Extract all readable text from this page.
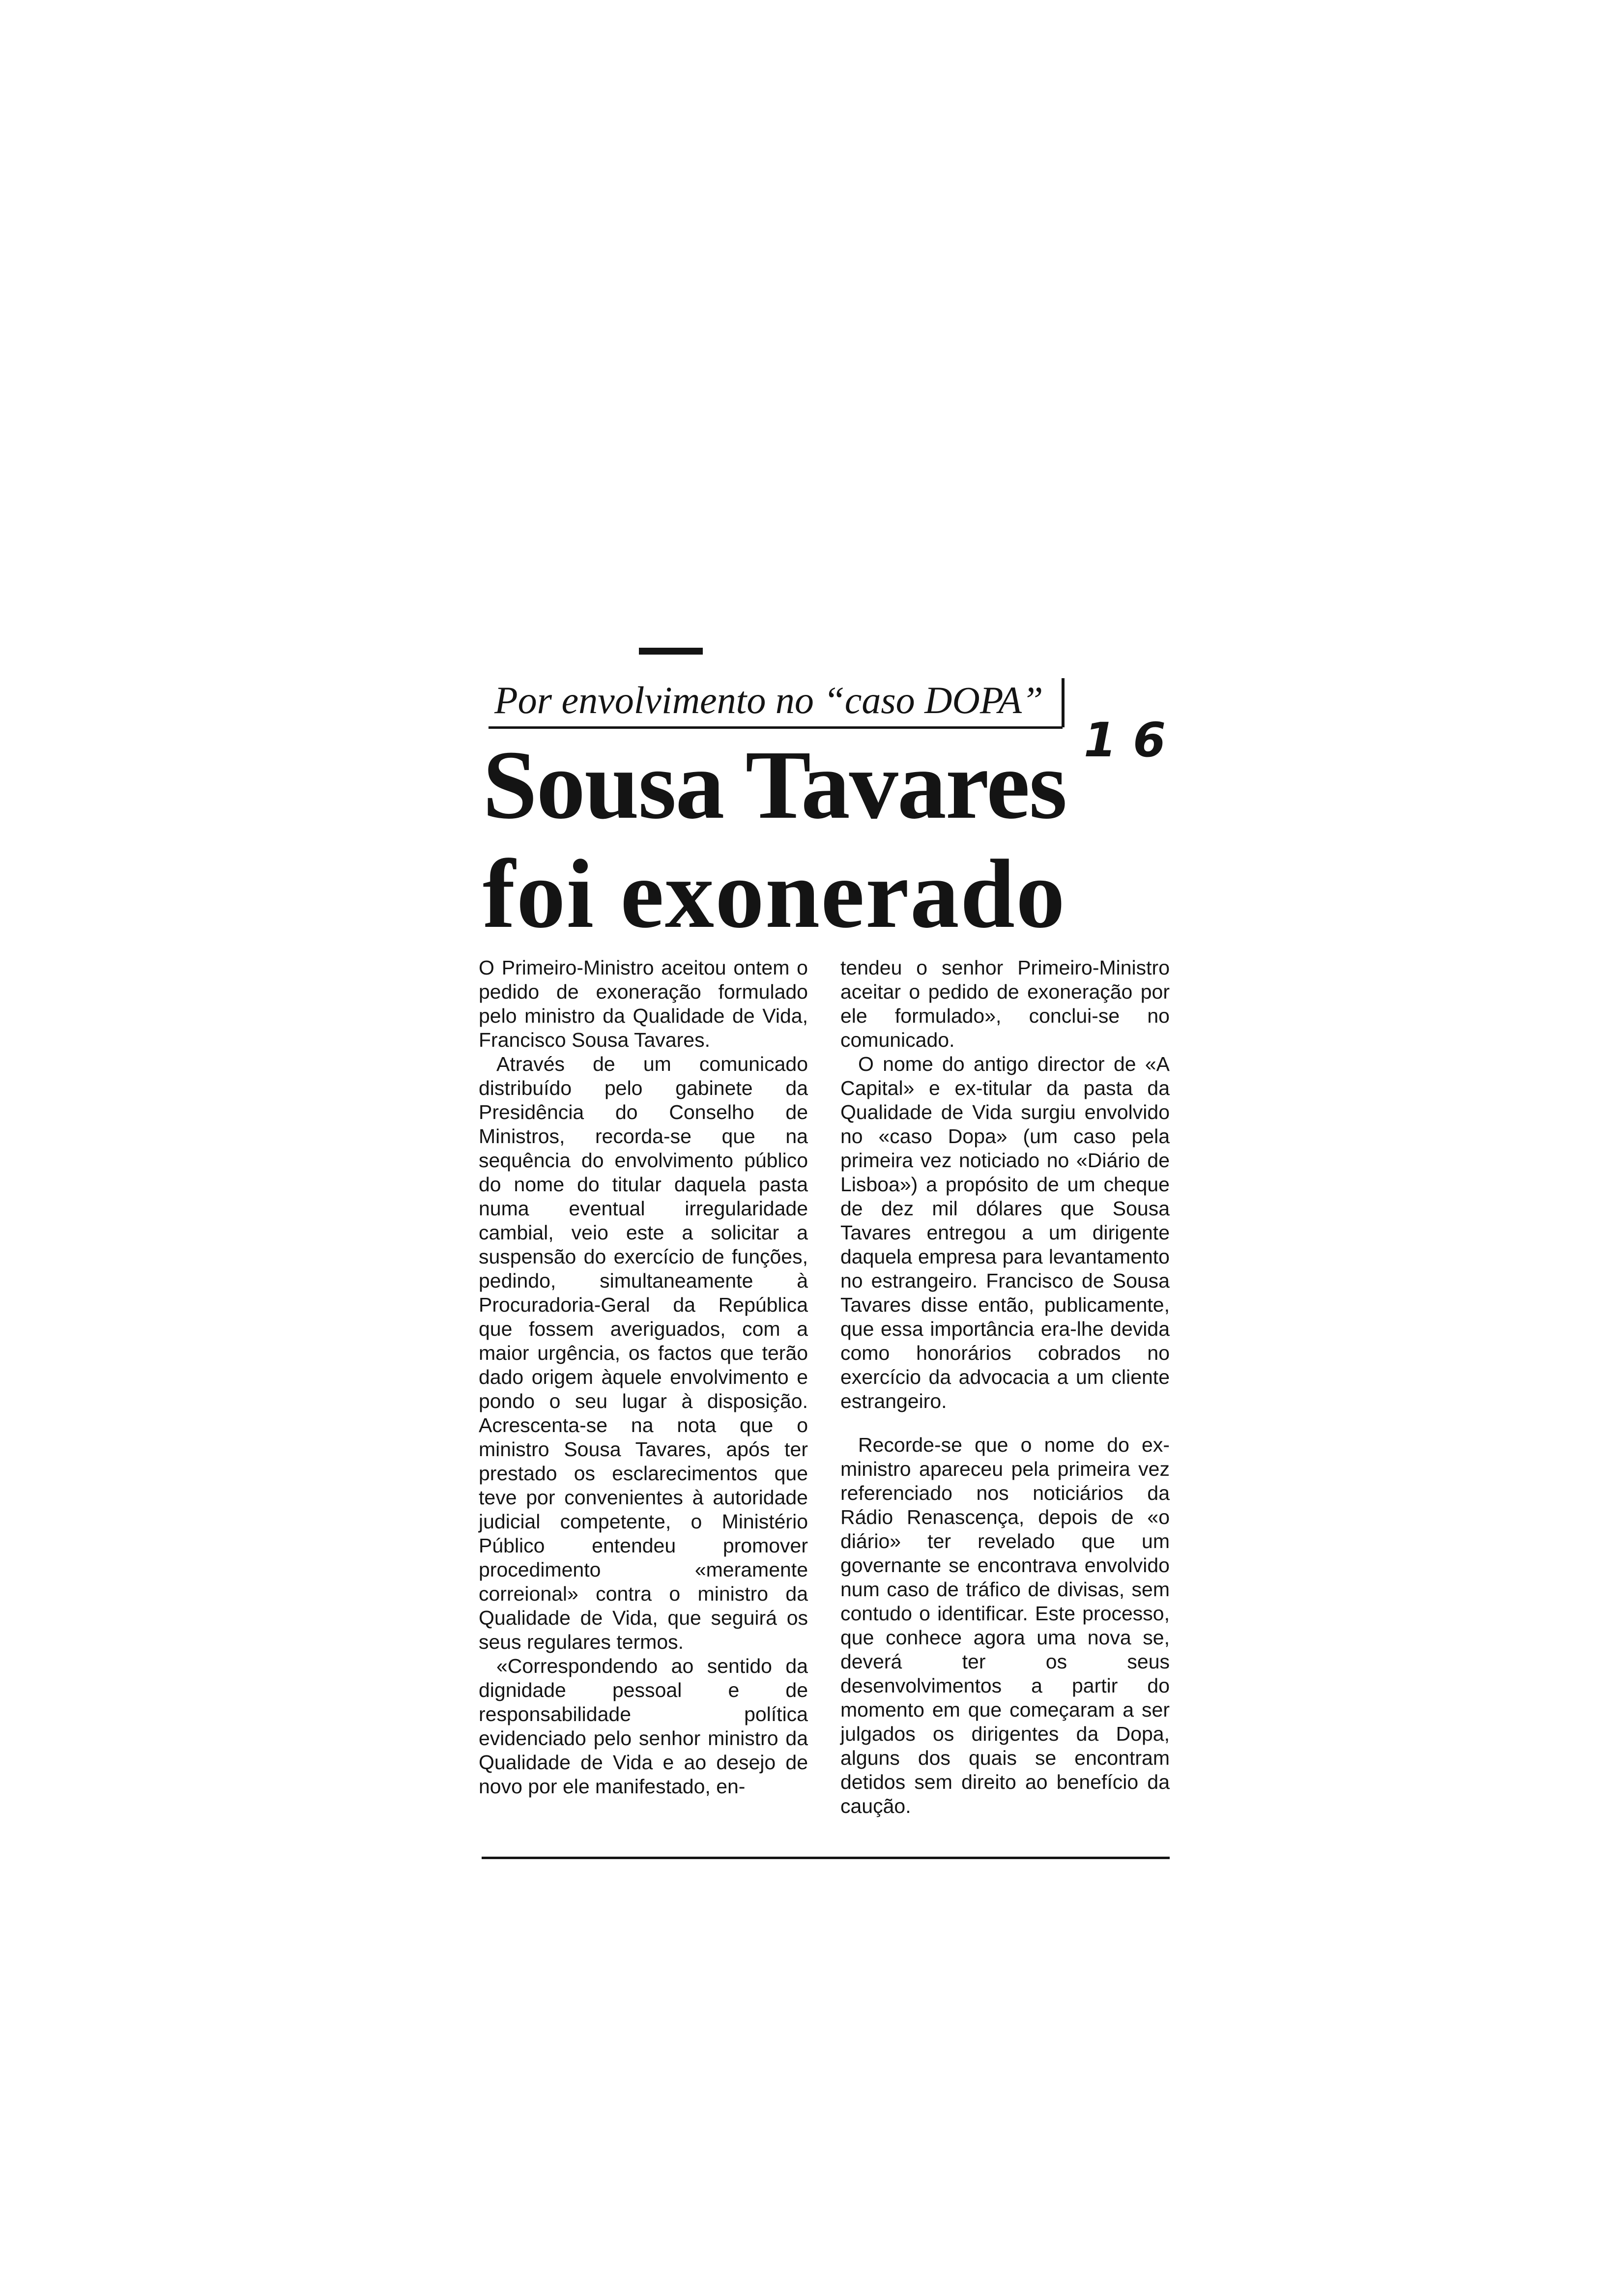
Por envolvimento no “caso DOPA”
Sousa Tavares
foi exonerado
1 6

O Primeiro-Ministro aceitou ontem o pedido de exoneração formulado pelo ministro da Qualidade de Vida, Francisco Sousa Tavares.

Através de um comunicado distribuído pelo gabinete da Presidência do Conselho de Ministros, recorda-se que na sequência do envolvimento público do nome do titular daquela pasta numa eventual irregularidade cambial, veio este a solicitar a suspensão do exercício de funções, pedindo, simultaneamente à Procuradoria-Geral da República que fossem averiguados, com a maior urgência, os factos que terão dado origem àquele envolvimento e pondo o seu lugar à disposição. Acrescenta-se na nota que o ministro Sousa Tavares, após ter prestado os esclarecimentos que teve por convenientes à autoridade judicial competente, o Ministério Público entendeu promover procedimento «meramente correional» contra o ministro da Qualidade de Vida, que seguirá os seus regulares termos.

«Correspondendo ao sentido da dignidade pessoal e de responsabilidade política evidenciado pelo senhor ministro da Qualidade de Vida e ao desejo de novo por ele manifestado, en-

tendeu o senhor Primeiro-Ministro aceitar o pedido de exoneração por ele formulado», conclui-se no comunicado.

O nome do antigo director de «A Capital» e ex-titular da pasta da Qualidade de Vida surgiu envolvido no «caso Dopa» (um caso pela primeira vez noticiado no «Diário de Lisboa») a propósito de um cheque de dez mil dólares que Sousa Tavares entregou a um dirigente daquela empresa para levantamento no estrangeiro. Francisco de Sousa Tavares disse então, publicamente, que essa importância era-lhe devida como honorários cobrados no exercício da advocacia a um cliente estrangeiro.

Recorde-se que o nome do ex-ministro apareceu pela primeira vez referenciado nos noticiários da Rádio Renascença, depois de «o diário» ter revelado que um governante se encontrava envolvido num caso de tráfico de divisas, sem contudo o identificar. Este processo, que conhece agora uma nova se, deverá ter os seus desenvolvimentos a partir do momento em que começaram a ser julgados os dirigentes da Dopa, alguns dos quais se encontram detidos sem direito ao benefício da caução.
